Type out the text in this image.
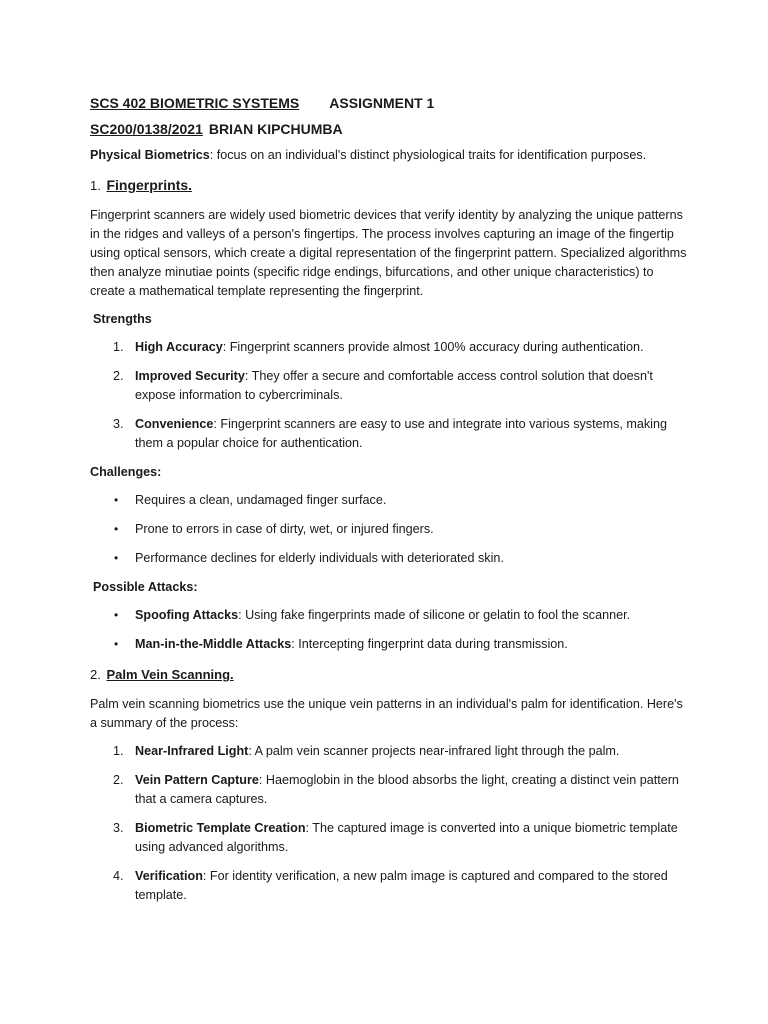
SCS 402 BIOMETRIC SYSTEMS ASSIGNMENT 1
SC200/0138/2021 BRIAN KIPCHUMBA

Physical Biometrics: focus on an individual's distinct physiological traits for identification purposes.

1. Fingerprints.

Fingerprint scanners are widely used biometric devices that verify identity by analyzing the unique patterns in the ridges and valleys of a person's fingertips. The process involves capturing an image of the fingertip using optical sensors, which create a digital representation of the fingerprint pattern. Specialized algorithms then analyze minutiae points (specific ridge endings, bifurcations, and other unique characteristics) to create a mathematical template representing the fingerprint.

Strengths
1. High Accuracy: Fingerprint scanners provide almost 100% accuracy during authentication.
2. Improved Security: They offer a secure and comfortable access control solution that doesn't expose information to cybercriminals.
3. Convenience: Fingerprint scanners are easy to use and integrate into various systems, making them a popular choice for authentication.
Challenges:
• Requires a clean, undamaged finger surface.
• Prone to errors in case of dirty, wet, or injured fingers.
• Performance declines for elderly individuals with deteriorated skin.
Possible Attacks:
• Spoofing Attacks: Using fake fingerprints made of silicone or gelatin to fool the scanner.
• Man-in-the-Middle Attacks: Intercepting fingerprint data during transmission.
2. Palm Vein Scanning.

Palm vein scanning biometrics use the unique vein patterns in an individual's palm for identification. Here's a summary of the process:

1. Near-Infrared Light: A palm vein scanner projects near-infrared light through the palm.
2. Vein Pattern Capture: Haemoglobin in the blood absorbs the light, creating a distinct vein pattern that a camera captures.
3. Biometric Template Creation: The captured image is converted into a unique biometric template using advanced algorithms.
4. Verification: For identity verification, a new palm image is captured and compared to the stored template.
